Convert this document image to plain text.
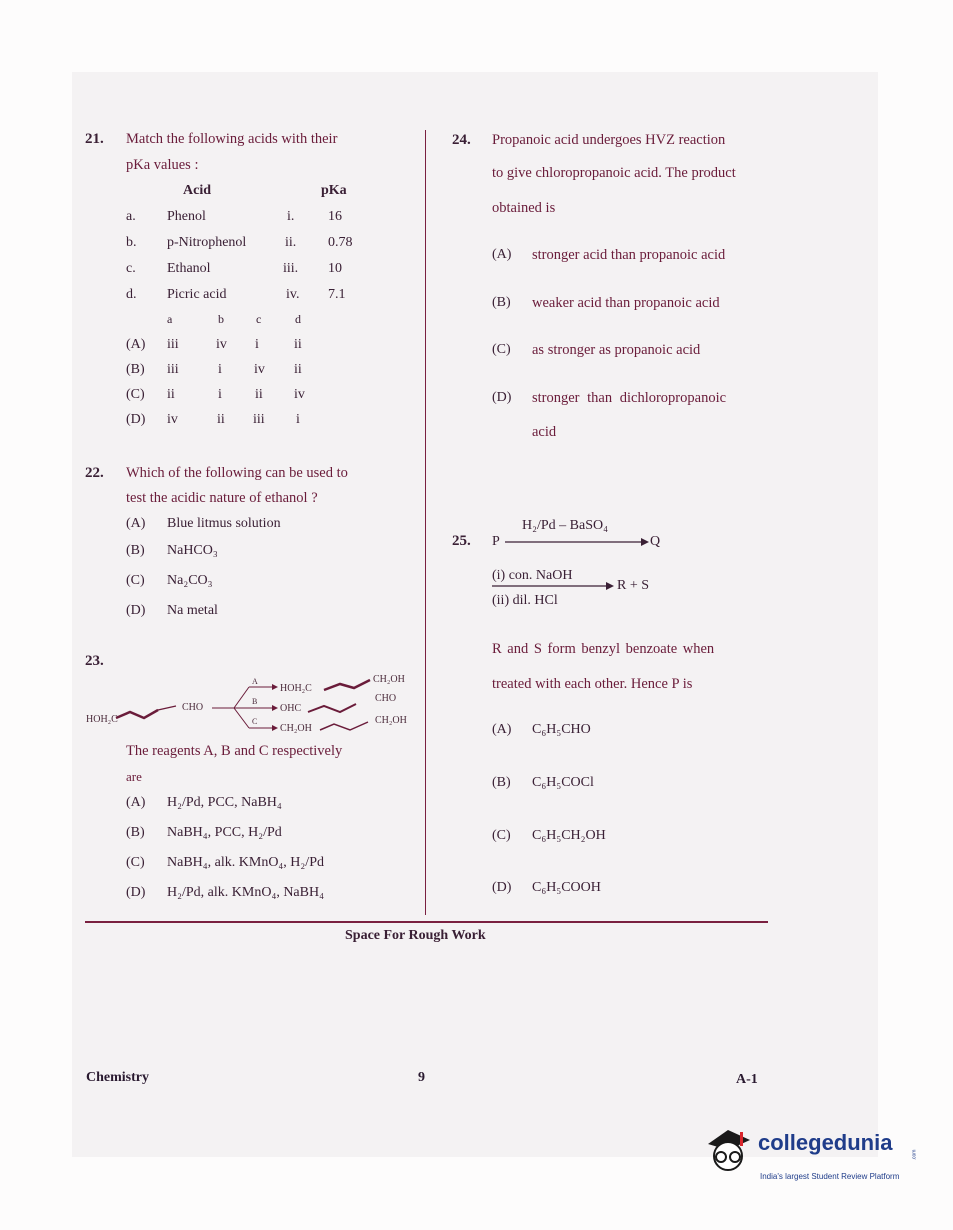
21. Match the following acids with their
pKa values :
Acid	pKa
a. Phenol	i. 16
b. p-Nitrophenol	ii. 0.78
c. Ethanol	iii. 10
d. Picric acid	iv. 7.1
a	b	c	d
(A) iii	iv i	ii
(B) iii	i iv ii
(C) ii	i ii iv
(D) iv	ii iii i
22. Which of the following can be used to
test the acidic nature of ethanol ?
(A) Blue litmus solution
(B) NaHCO₃
(C) Na₂CO₃
(D) Na metal
23.
HOH₂C
CHO
A
B
C
HOH₂C
CH₂OH
OHC
CHO
CH₂OH
CH₂OH
The reagents A, B and C respectively
are
(A) H₂/Pd, PCC, NaBH₄
(B) NaBH₄, PCC, H₂/Pd
(C) NaBH₄, alk. KMnO₄, H₂/Pd
(D) H₂/Pd, alk. KMnO₄, NaBH₄
24. Propanoic acid undergoes HVZ reaction
to give chloropropanoic acid. The product
obtained is
(A) stronger acid than propanoic acid
(B) weaker acid than propanoic acid
(C) as stronger as propanoic acid
(D) stronger than dichloropropanoic
acid
25. P
H₂/Pd – BaSO₄
Q
(i) con. NaOH
R + S
(ii) dil. HCl
R and S form benzyl benzoate when
treated with each other. Hence P is
(A) C₆H₅CHO
(B) C₆H₅COCl
(C) C₆H₅CH₂OH
(D) C₆H₅COOH
Space For Rough Work
Chemistry	9	A-1
collegedunia	.com
India's largest Student Review Platform
